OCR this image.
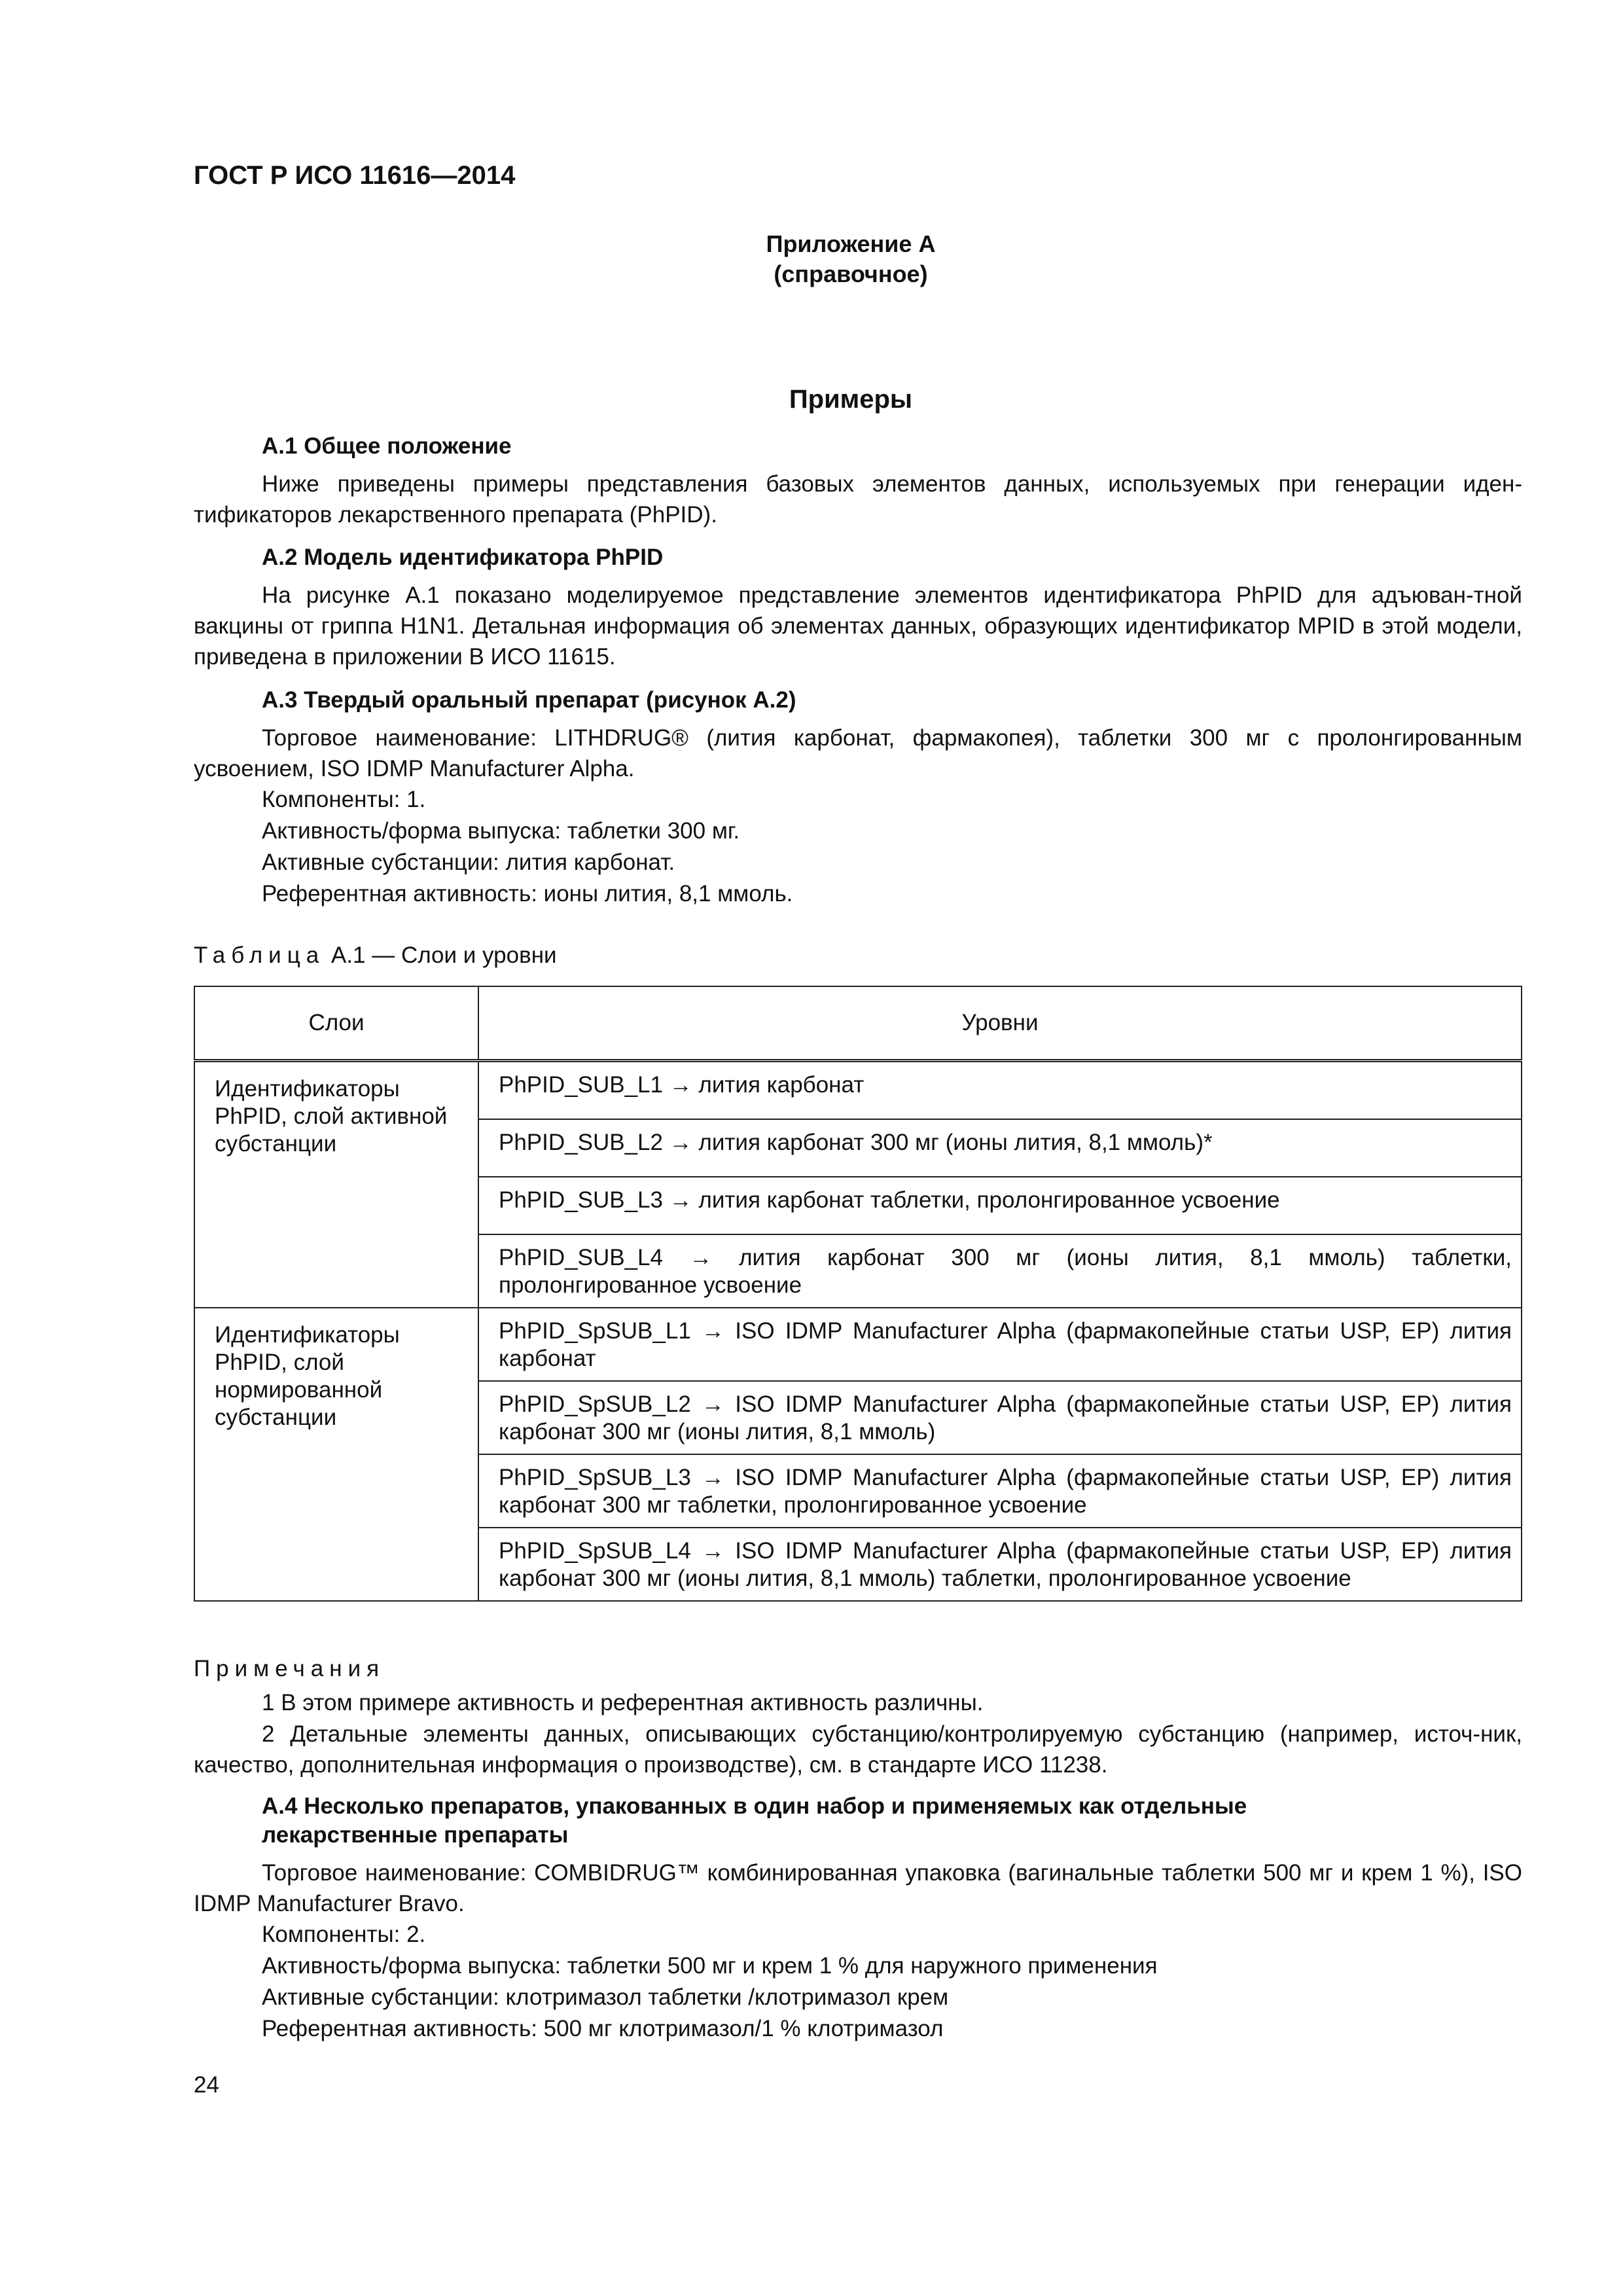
ГОСТ Р ИСО 11616—2014
Приложение А
(справочное)
Примеры
А.1 Общее положение
Ниже приведены примеры представления базовых элементов данных, используемых при генерации иден-тификаторов лекарственного препарата (PhPID).
А.2 Модель идентификатора PhPID
На рисунке А.1 показано моделируемое представление элементов идентификатора PhPID для адъюван-тной вакцины от гриппа H1N1. Детальная информация об элементах данных, образующих идентификатор MPID в этой модели, приведена в приложении В ИСО 11615.
А.3 Твердый оральный препарат (рисунок А.2)
Торговое наименование: LITHDRUG® (лития карбонат, фармакопея), таблетки 300 мг с пролонгированным усвоением, ISO IDMP Manufacturer Alpha.
Компоненты: 1.
Активность/форма выпуска: таблетки 300 мг.
Активные субстанции: лития карбонат.
Референтная активность: ионы лития, 8,1 ммоль.
Таблица А.1 — Слои и уровни
Слои	Уровни
Идентификаторы PhPID, слой активной субстанции	PhPID_SUB_L1 → лития карбонат
	PhPID_SUB_L2 → лития карбонат 300 мг (ионы лития, 8,1 ммоль)*
	PhPID_SUB_L3 → лития карбонат таблетки, пролонгированное усвоение
	PhPID_SUB_L4 → лития карбонат 300 мг (ионы лития, 8,1 ммоль) таблетки, пролонгированное усвоение
Идентификаторы PhPID, слой нормированной субстанции	PhPID_SpSUB_L1 → ISO IDMP Manufacturer Alpha (фармакопейные статьи USP, EP) лития карбонат
	PhPID_SpSUB_L2 → ISO IDMP Manufacturer Alpha (фармакопейные статьи USP, EP) лития карбонат 300 мг (ионы лития, 8,1 ммоль)
	PhPID_SpSUB_L3 → ISO IDMP Manufacturer Alpha (фармакопейные статьи USP, EP) лития карбонат 300 мг таблетки, пролонгированное усвоение
	PhPID_SpSUB_L4 → ISO IDMP Manufacturer Alpha (фармакопейные статьи USP, EP) лития карбонат 300 мг (ионы лития, 8,1 ммоль) таблетки, пролонгированное усвоение
Примечания
1 В этом примере активность и референтная активность различны.
2 Детальные элементы данных, описывающих субстанцию/контролируемую субстанцию (например, источ-ник, качество, дополнительная информация о производстве), см. в стандарте ИСО 11238.
А.4 Несколько препаратов, упакованных в один набор и применяемых как отдельные
лекарственные препараты
Торговое наименование: COMBIDRUG™ комбинированная упаковка (вагинальные таблетки 500 мг и крем 1 %), ISO IDMP Manufacturer Bravo.
Компоненты: 2.
Активность/форма выпуска: таблетки 500 мг и крем 1 % для наружного применения
Активные субстанции: клотримазол таблетки /клотримазол крем
Референтная активность: 500 мг клотримазол/1 % клотримазол
24
